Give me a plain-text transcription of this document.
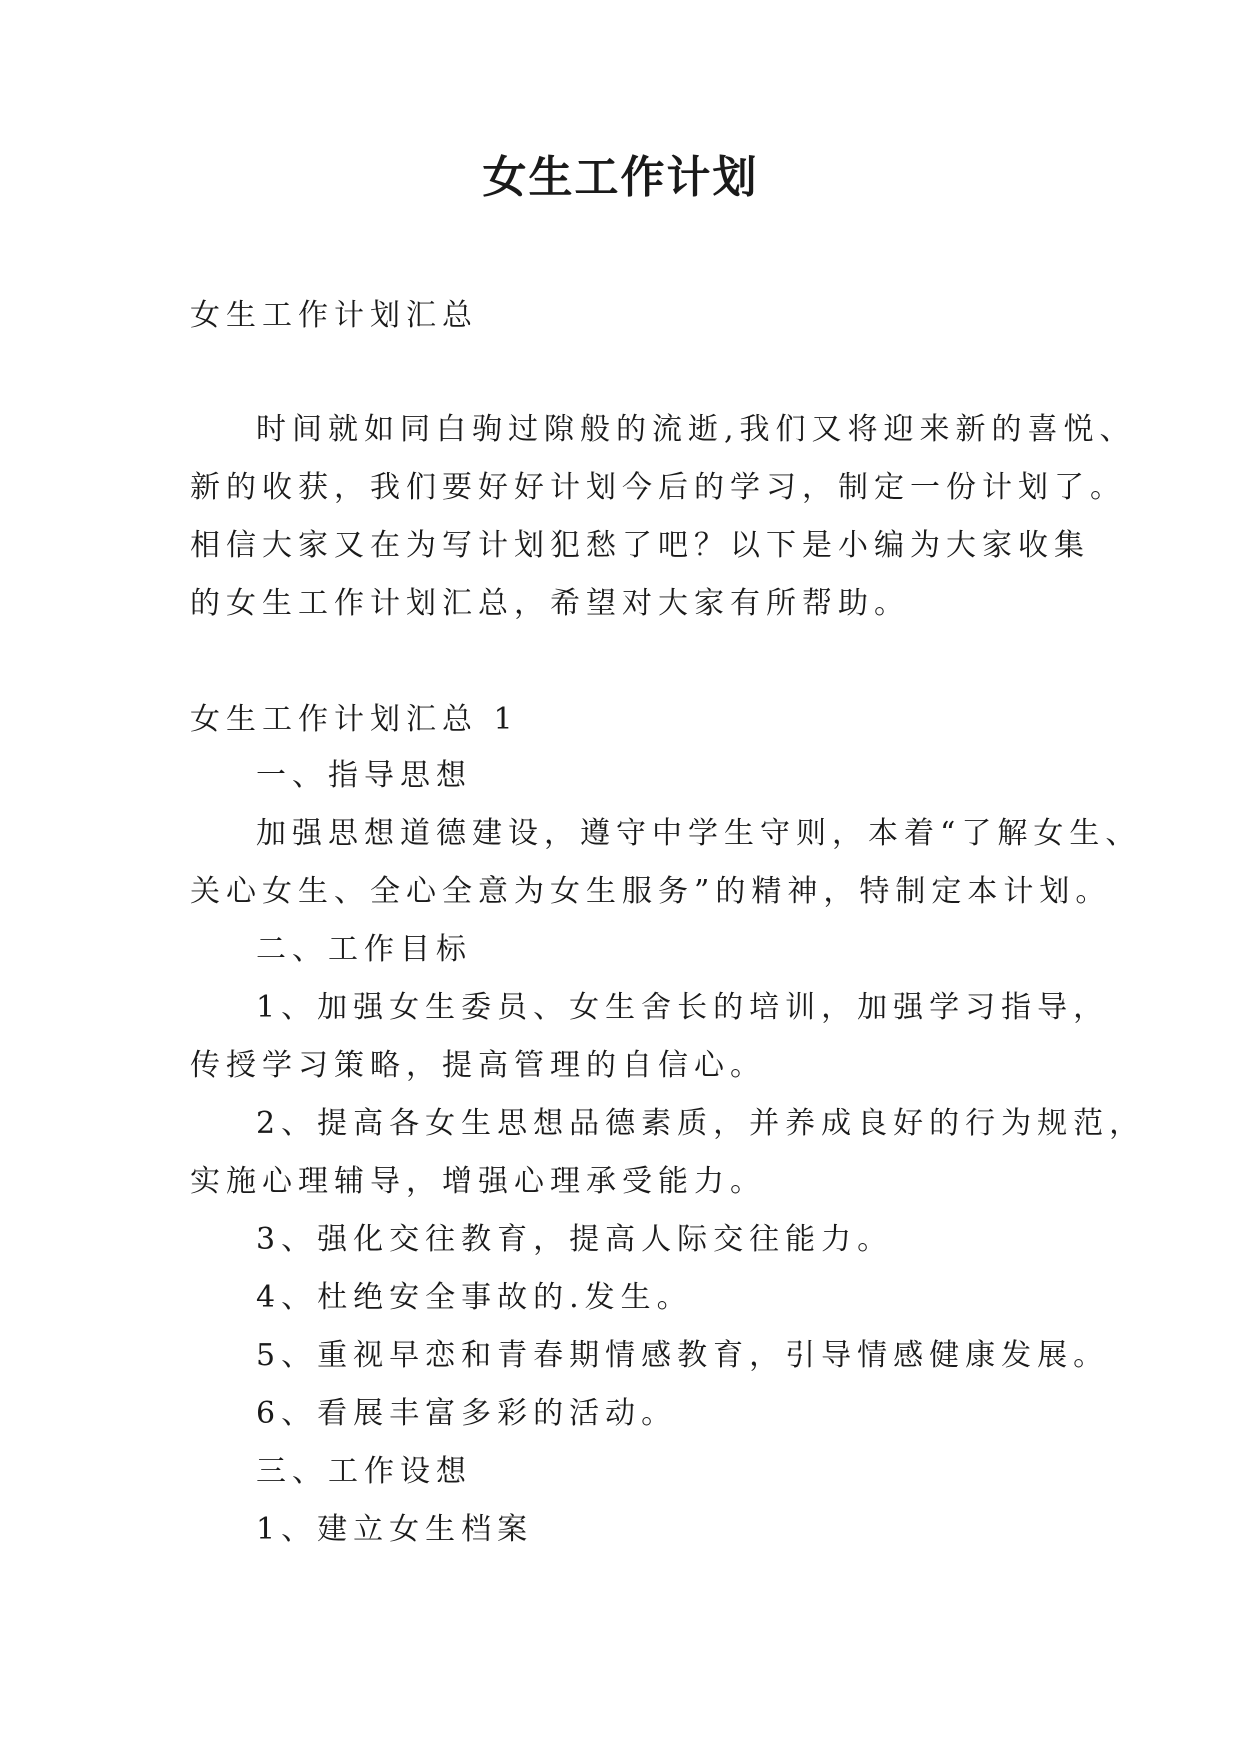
女生工作计划

女生工作计划汇总

时间就如同白驹过隙般的流逝,我们又将迎来新的喜悦、

新的收获，我们要好好计划今后的学习，制定一份计划了。

相信大家又在为写计划犯愁了吧？以下是小编为大家收集

的女生工作计划汇总，希望对大家有所帮助。

女生工作计划汇总 1

一、指导思想

加强思想道德建设，遵守中学生守则，本着“了解女生、

关心女生、全心全意为女生服务”的精神，特制定本计划。

二、工作目标

1、加强女生委员、女生舍长的培训，加强学习指导，

传授学习策略，提高管理的自信心。

2、提高各女生思想品德素质，并养成良好的行为规范，

实施心理辅导，增强心理承受能力。

3、强化交往教育，提高人际交往能力。

4、杜绝安全事故的.发生。

5、重视早恋和青春期情感教育，引导情感健康发展。

6、看展丰富多彩的活动。

三、工作设想

1、建立女生档案
